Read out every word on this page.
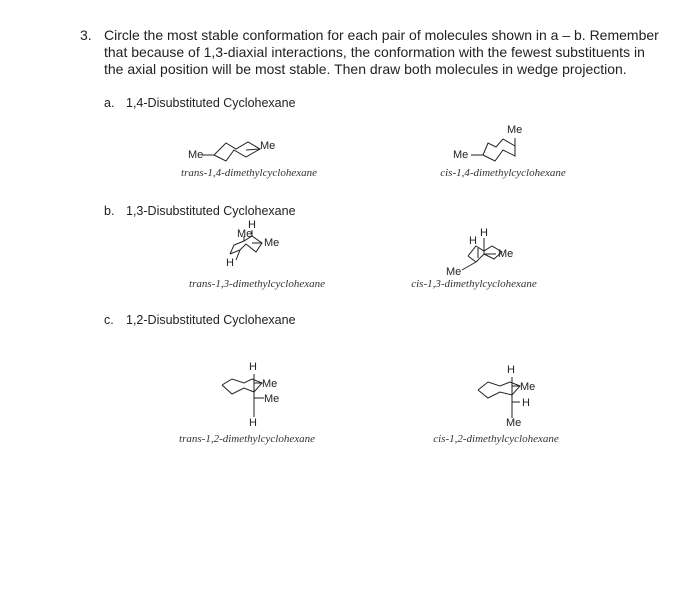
3. Circle the most stable conformation for each pair of molecules shown in a – b. Remember that because of 1,3-diaxial interactions, the conformation with the fewest substituents in the axial position will be most stable. Then draw both molecules in wedge projection.
a. 1,4-Disubstituted Cyclohexane
b. 1,3-Disubstituted Cyclohexane
c. 1,2-Disubstituted Cyclohexane
Me
Me
Me
Me
H
Me
Me
H
H
H
Me
Me
H
Me
Me
H
H
Me
H
Me
trans-1,4-dimethylcyclohexane	cis-1,4-dimethylcyclohexane
trans-1,3-dimethylcyclohexane	cis-1,3-dimethylcyclohexane
trans-1,2-dimethylcyclohexane	cis-1,2-dimethylcyclohexane
